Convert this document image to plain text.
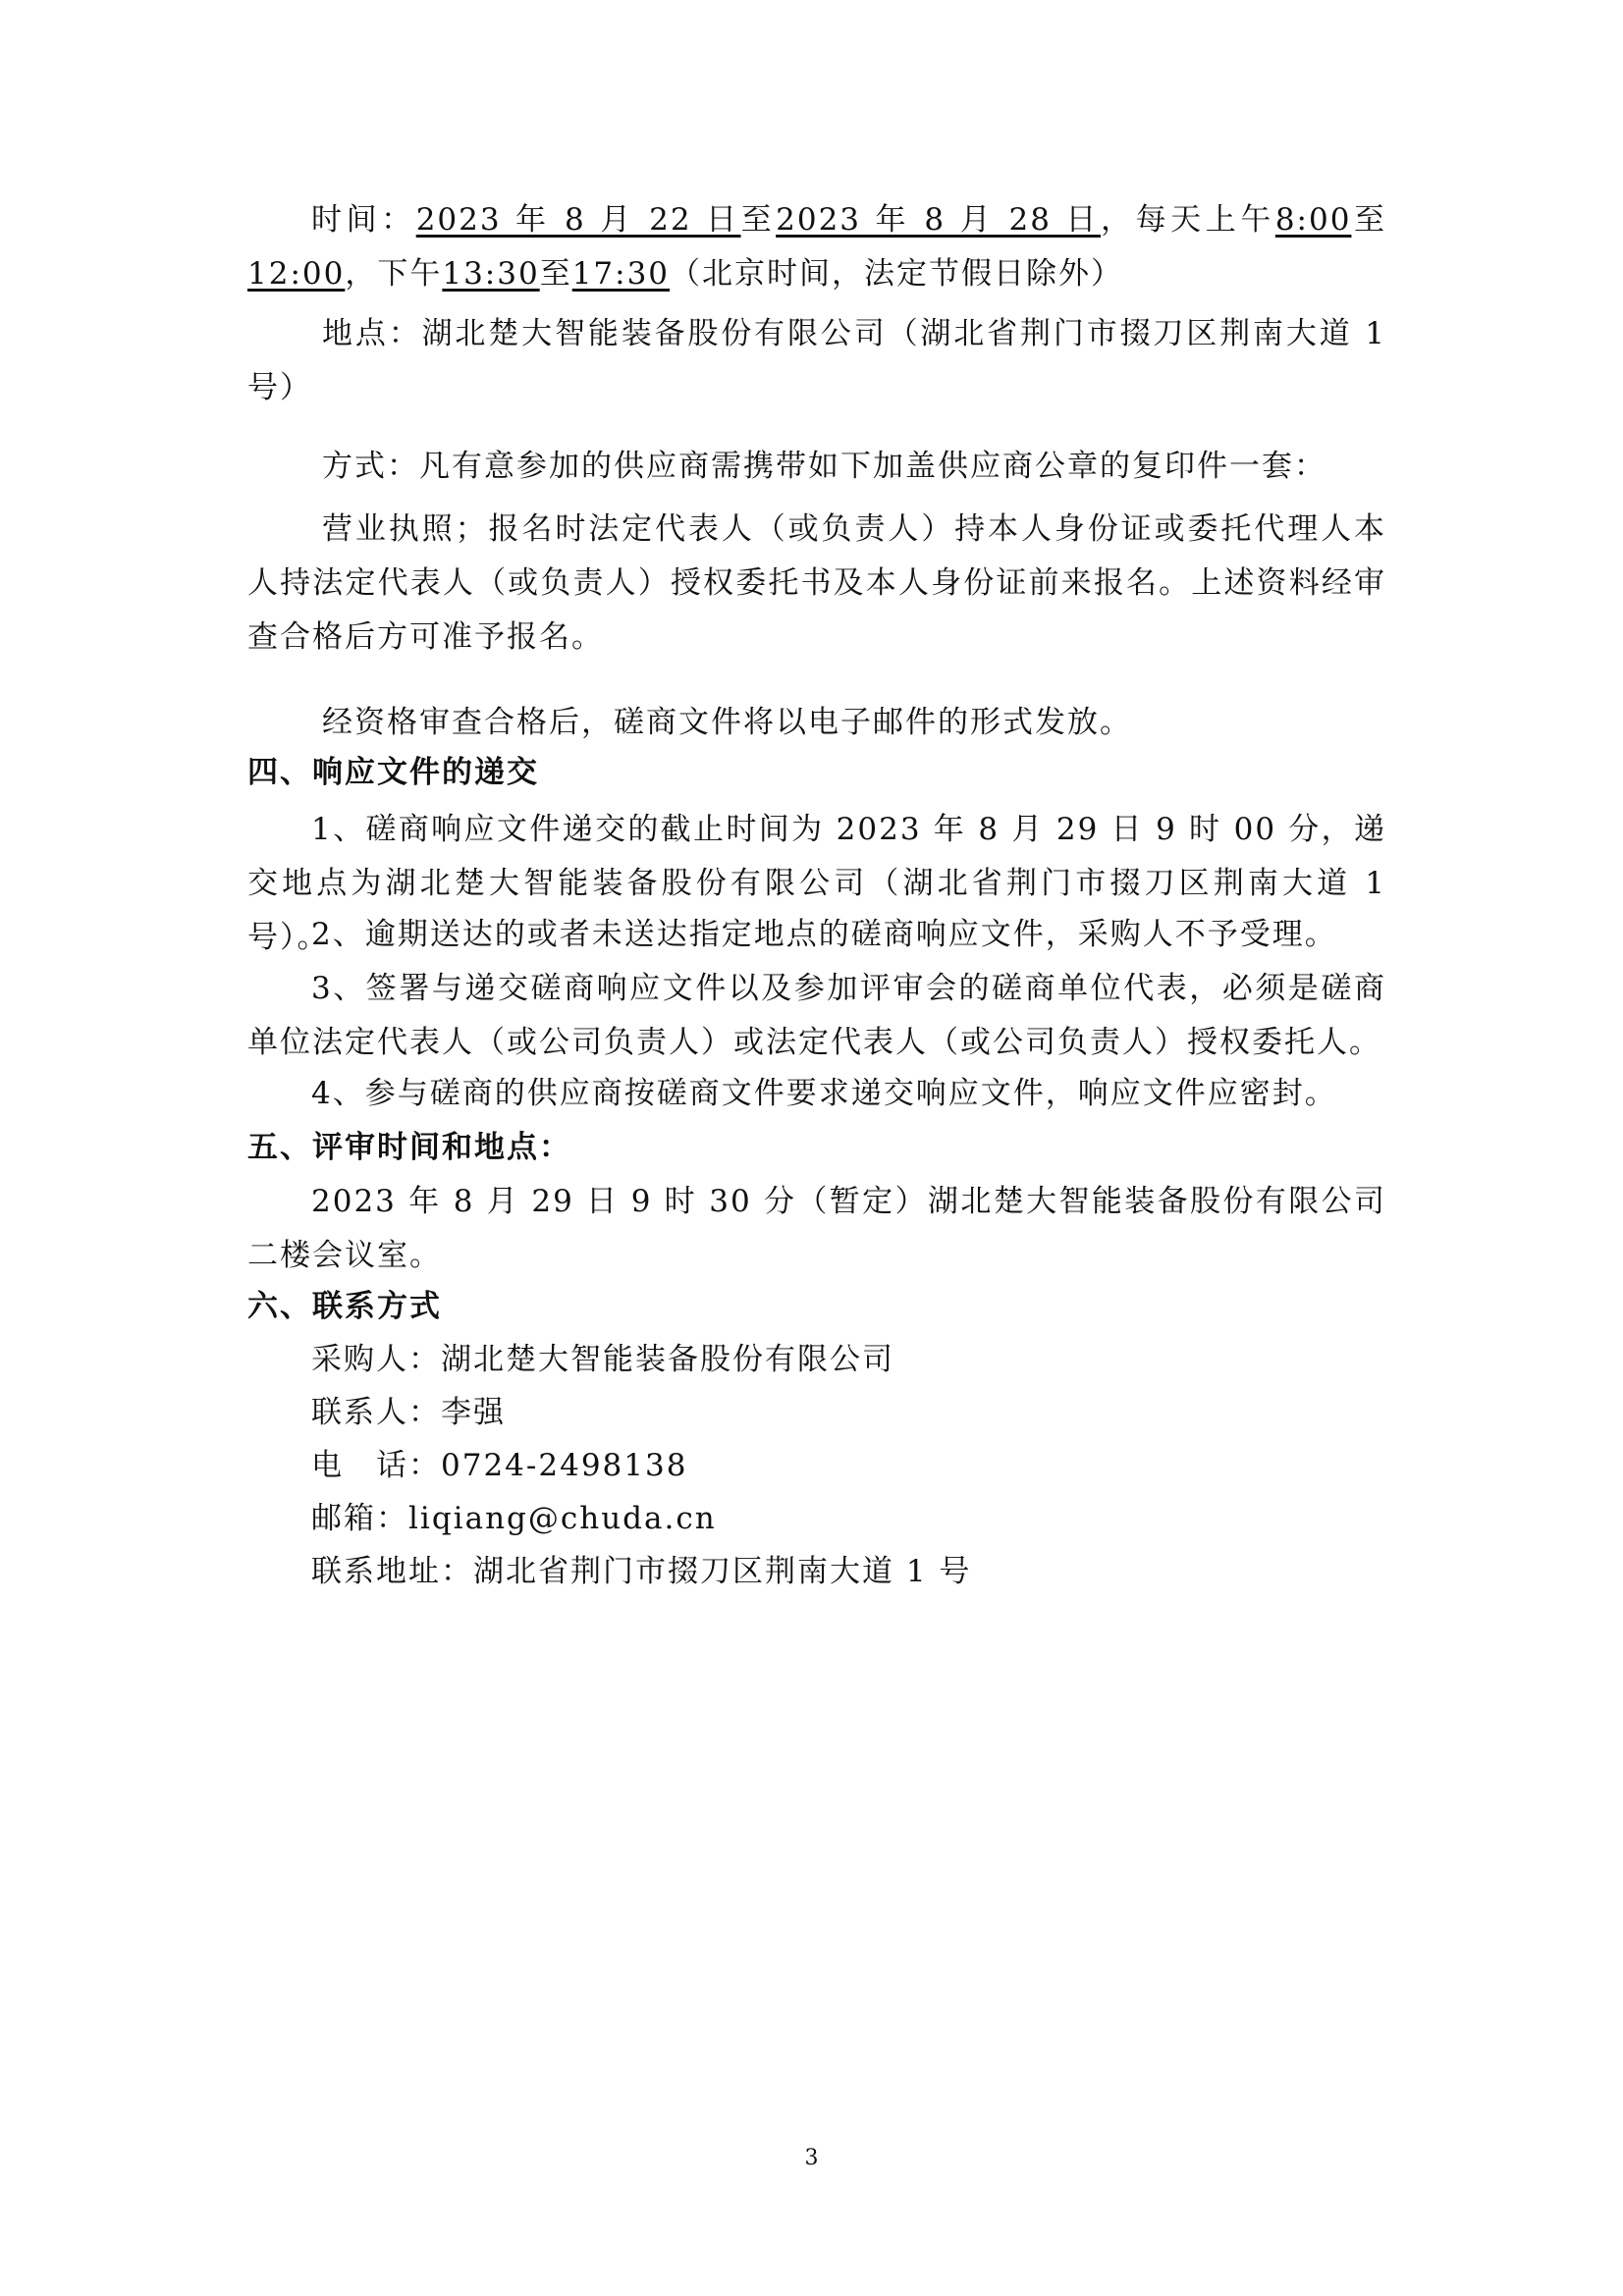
时间：2023 年 8 月 22 日至2023 年 8 月 28 日，每天上午8:00至12:00，下午13:30至17:30（北京时间，法定节假日除外）
地点：湖北楚大智能装备股份有限公司（湖北省荆门市掇刀区荆南大道 1 号）
方式：凡有意参加的供应商需携带如下加盖供应商公章的复印件一套：
营业执照；报名时法定代表人（或负责人）持本人身份证或委托代理人本人持法定代表人（或负责人）授权委托书及本人身份证前来报名。上述资料经审查合格后方可准予报名。
经资格审查合格后，磋商文件将以电子邮件的形式发放。
四、响应文件的递交
1、磋商响应文件递交的截止时间为 2023 年 8 月 29 日 9 时 00 分，递交地点为湖北楚大智能装备股份有限公司（湖北省荆门市掇刀区荆南大道 1 号）。
2、逾期送达的或者未送达指定地点的磋商响应文件，采购人不予受理。
3、签署与递交磋商响应文件以及参加评审会的磋商单位代表，必须是磋商单位法定代表人（或公司负责人）或法定代表人（或公司负责人）授权委托人。
4、参与磋商的供应商按磋商文件要求递交响应文件，响应文件应密封。
五、评审时间和地点：
2023 年 8 月 29 日 9 时 30 分（暂定）湖北楚大智能装备股份有限公司二楼会议室。
六、联系方式
采购人：湖北楚大智能装备股份有限公司
联系人：李强
电　话：0724-2498138
邮箱：liqiang@chuda.cn
联系地址：湖北省荆门市掇刀区荆南大道 1 号
3
